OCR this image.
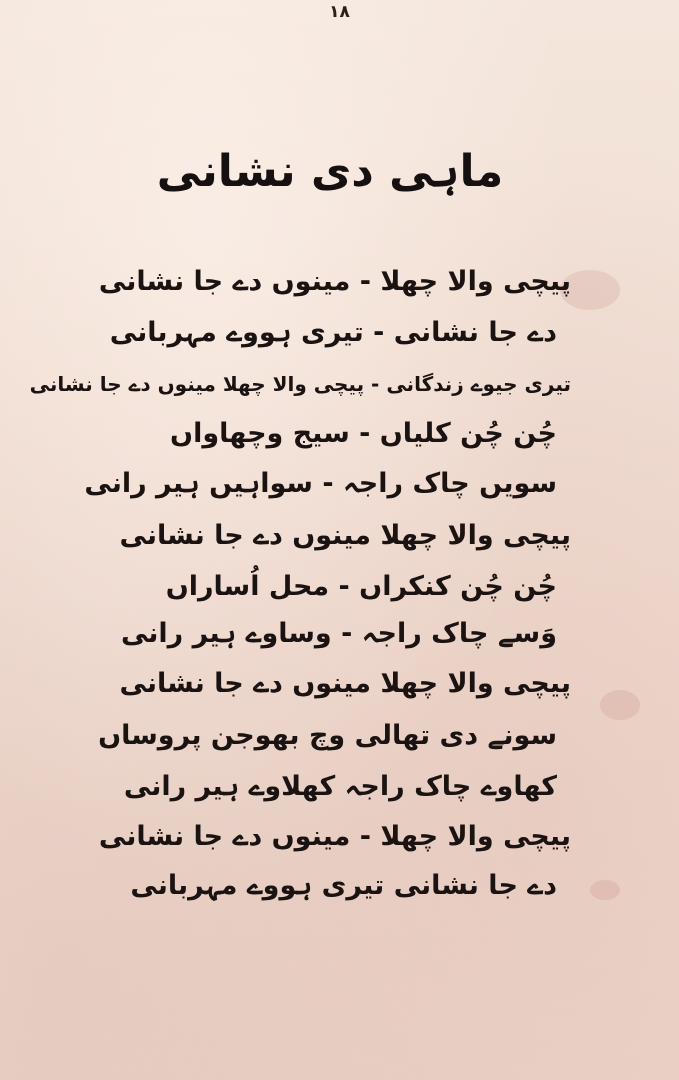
۱۸
ماہی دی نشانی
پیچی والا چھلا - مینوں دے جا نشانی
دے جا نشانی - تیری ہووے مہربانی
تیری جیوے زندگانی - پیچی والا چھلا مینوں دے جا نشانی
چُن چُن کلیاں - سیج وچھاواں
سویں چاک راجہ - سواہیں ہیر رانی
پیچی والا چھلا مینوں دے جا نشانی
چُن چُن کنکراں - محل اُساراں
وَسے چاک راجہ - وساوے ہیر رانی
پیچی والا چھلا مینوں دے جا نشانی
سونے دی تھالی وچ بھوجن پروساں
کھاوے چاک راجہ کھلاوے ہیر رانی
پیچی والا چھلا - مینوں دے جا نشانی
دے جا نشانی تیری ہووے مہربانی
